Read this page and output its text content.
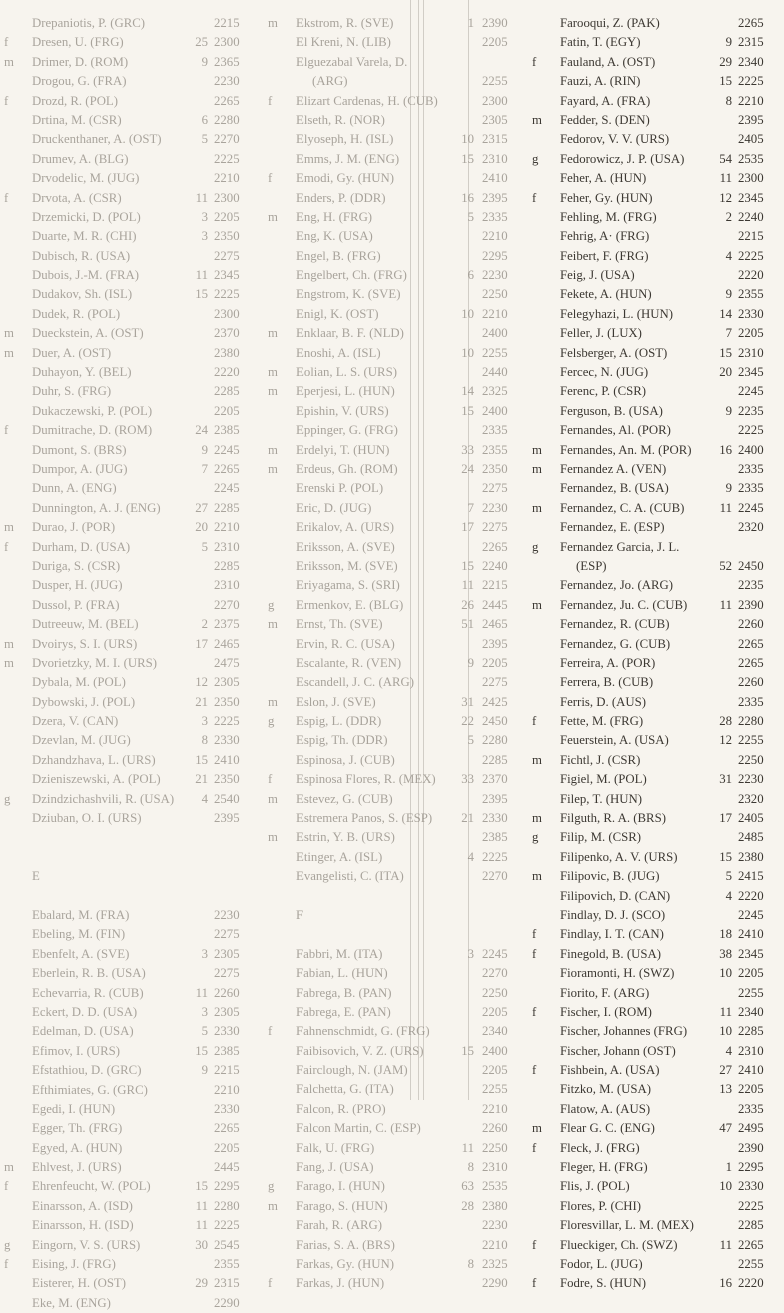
Drepaniotis, P. (GRC)	2215
f	Dresen, U. (FRG)	25 2300
m	Drimer, D. (ROM)	9 2365
Drogou, G. (FRA)	2230
f	Drozd, R. (POL)	2265
Drtina, M. (CSR)	6 2280
Druckenthaner, A. (OST)	5 2270
Drumev, A. (BLG)	2225
Drvodelic, M. (JUG)	2210
f	Drvota, A. (CSR)	11 2300
Drzemicki, D. (POL)	3 2205
Duarte, M. R. (CHI)	3 2350
Dubisch, R. (USA)	2275
Dubois, J.-M. (FRA)	11 2345
Dudakov, Sh. (ISL)	15 2225
Dudek, R. (POL)	2300
m	Dueckstein, A. (OST)	2370
m	Duer, A. (OST)	2380
Duhayon, Y. (BEL)	2220
Duhr, S. (FRG)	2285
Dukaczewski, P. (POL)	2205
f	Dumitrache, D. (ROM)	24 2385
Dumont, S. (BRS)	9 2245
Dumpor, A. (JUG)	7 2265
Dunn, A. (ENG)	2245
Dunnington, A. J. (ENG)	27 2285
m	Durao, J. (POR)	20 2210
f	Durham, D. (USA)	5 2310
Duriga, S. (CSR)	2285
Dusper, H. (JUG)	2310
Dussol, P. (FRA)	2270
Dutreeuw, M. (BEL)	2 2375
m	Dvoirys, S. I. (URS)	17 2465
m	Dvorietzky, M. I. (URS)	2475
Dybala, M. (POL)	12 2305
Dybowski, J. (POL)	21 2350
Dzera, V. (CAN)	3 2225
Dzevlan, M. (JUG)	8 2330
Dzhandzhava, L. (URS)	15 2410
Dzieniszewski, A. (POL)	21 2350
g	Dzindzichashvili, R. (USA)	4 2540
Dziuban, O. I. (URS)	2395
E
Ebalard, M. (FRA)	2230
Ebeling, M. (FIN)	2275
Ebenfelt, A. (SVE)	3 2305
Eberlein, R. B. (USA)	2275
Echevarria, R. (CUB)	11 2260
Eckert, D. D. (USA)	3 2305
Edelman, D. (USA)	5 2330
Efimov, I. (URS)	15 2385
Efstathiou, D. (GRC)	9 2215
Efthimiates, G. (GRC)	2210
Egedi, I. (HUN)	2330
Egger, Th. (FRG)	2265
Egyed, A. (HUN)	2205
m	Ehlvest, J. (URS)	2445
f	Ehrenfeucht, W. (POL)	15 2295
Einarsson, A. (ISD)	11 2280
Einarsson, H. (ISD)	11 2225
g	Eingorn, V. S. (URS)	30 2545
f	Eising, J. (FRG)	2355
Eisterer, H. (OST)	29 2315
Eke, M. (ENG)	2290
m	Ekstrom, R. (SVE)	1 2390
El Kreni, N. (LIB)	2205
Elguezabal Varela, D.
(ARG)	2255
f	Elizart Cardenas, H. (CUB)	2300
Elseth, R. (NOR)	2305
Elyoseph, H. (ISL)	10 2315
Emms, J. M. (ENG)	15 2310
f	Emodi, Gy. (HUN)	2410
Enders, P. (DDR)	16 2395
m	Eng, H. (FRG)	5 2335
Eng, K. (USA)	2210
Engel, B. (FRG)	2295
Engelbert, Ch. (FRG)	6 2230
Engstrom, K. (SVE)	2250
Enigl, K. (OST)	10 2210
m	Enklaar, B. F. (NLD)	2400
Enoshi, A. (ISL)	10 2255
m	Eolian, L. S. (URS)	2440
m	Eperjesi, L. (HUN)	14 2325
Epishin, V. (URS)	15 2400
Eppinger, G. (FRG)	2335
m	Erdelyi, T. (HUN)	33 2355
m	Erdeus, Gh. (ROM)	24 2350
Erenski P. (POL)	2275
Eric, D. (JUG)	7 2230
Erikalov, A. (URS)	17 2275
Eriksson, A. (SVE)	2265
Eriksson, M. (SVE)	15 2240
Eriyagama, S. (SRI)	11 2215
g	Ermenkov, E. (BLG)	26 2445
m	Ernst, Th. (SVE)	51 2465
Ervin, R. C. (USA)	2395
Escalante, R. (VEN)	9 2205
Escandell, J. C. (ARG)	2275
m	Eslon, J. (SVE)	31 2425
g	Espig, L. (DDR)	22 2450
Espig, Th. (DDR)	5 2280
Espinosa, J. (CUB)	2285
f	Espinosa Flores, R. (MEX)	33 2370
m	Estevez, G. (CUB)	2395
Estremera Panos, S. (ESP)	21 2330
m	Estrin, Y. B. (URS)	2385
Etinger, A. (ISL)	4 2225
Evangelisti, C. (ITA)	2270
F
Fabbri, M. (ITA)	3 2245
Fabian, L. (HUN)	2270
Fabrega, B. (PAN)	2250
Fabrega, E. (PAN)	2205
f	Fahnenschmidt, G. (FRG)	2340
Faibisovich, V. Z. (URS)	15 2400
Fairclough, N. (JAM)	2205
Falchetta, G. (ITA)	2255
Falcon, R. (PRO)	2210
Falcon Martin, C. (ESP)	2260
Falk, U. (FRG)	11 2250
Fang, J. (USA)	8 2310
g	Farago, I. (HUN)	63 2535
m	Farago, S. (HUN)	28 2380
Farah, R. (ARG)	2230
Farias, S. A. (BRS)	2210
Farkas, Gy. (HUN)	8 2325
f	Farkas, J. (HUN)	2290
Farooqui, Z. (PAK)	2265
Fatin, T. (EGY)	9 2315
f	Fauland, A. (OST)	29 2340
Fauzi, A. (RIN)	15 2225
Fayard, A. (FRA)	8 2210
m	Fedder, S. (DEN)	2395
Fedorov, V. V. (URS)	2405
g	Fedorowicz, J. P. (USA)	54 2535
Feher, A. (HUN)	11 2300
f	Feher, Gy. (HUN)	12 2345
Fehling, M. (FRG)	2 2240
Fehrig, A· (FRG)	2215
Feibert, F. (FRG)	4 2225
Feig, J. (USA)	2220
Fekete, A. (HUN)	9 2355
Felegyhazi, L. (HUN)	14 2330
Feller, J. (LUX)	7 2205
Felsberger, A. (OST)	15 2310
Fercec, N. (JUG)	20 2345
Ferenc, P. (CSR)	2245
Ferguson, B. (USA)	9 2235
Fernandes, Al. (POR)	2225
m	Fernandes, An. M. (POR)	16 2400
m	Fernandez A. (VEN)	2335
Fernandez, B. (USA)	9 2335
m	Fernandez, C. A. (CUB)	11 2245
Fernandez, E. (ESP)	2320
g	Fernandez Garcia, J. L.
(ESP)	52 2450
Fernandez, Jo. (ARG)	2235
m	Fernandez, Ju. C. (CUB)	11 2390
Fernandez, R. (CUB)	2260
Fernandez, G. (CUB)	2265
Ferreira, A. (POR)	2265
Ferrera, B. (CUB)	2260
Ferris, D. (AUS)	2335
f	Fette, M. (FRG)	28 2280
Feuerstein, A. (USA)	12 2255
m	Fichtl, J. (CSR)	2250
Figiel, M. (POL)	31 2230
Filep, T. (HUN)	2320
m	Filguth, R. A. (BRS)	17 2405
g	Filip, M. (CSR)	2485
Filipenko, A. V. (URS)	15 2380
m	Filipovic, B. (JUG)	5 2415
Filipovich, D. (CAN)	4 2220
Findlay, D. J. (SCO)	2245
f	Findlay, I. T. (CAN)	18 2410
f	Finegold, B. (USA)	38 2345
Fioramonti, H. (SWZ)	10 2205
Fiorito, F. (ARG)	2255
f	Fischer, I. (ROM)	11 2340
Fischer, Johannes (FRG)	10 2285
Fischer, Johann (OST)	4 2310
f	Fishbein, A. (USA)	27 2410
Fitzko, M. (USA)	13 2205
Flatow, A. (AUS)	2335
m	Flear G. C. (ENG)	47 2495
f	Fleck, J. (FRG)	2390
Fleger, H. (FRG)	1 2295
Flis, J. (POL)	10 2330
Flores, P. (CHI)	2225
Floresvillar, L. M. (MEX)	2285
f	Flueckiger, Ch. (SWZ)	11 2265
Fodor, L. (JUG)	2255
f	Fodre, S. (HUN)	16 2220
